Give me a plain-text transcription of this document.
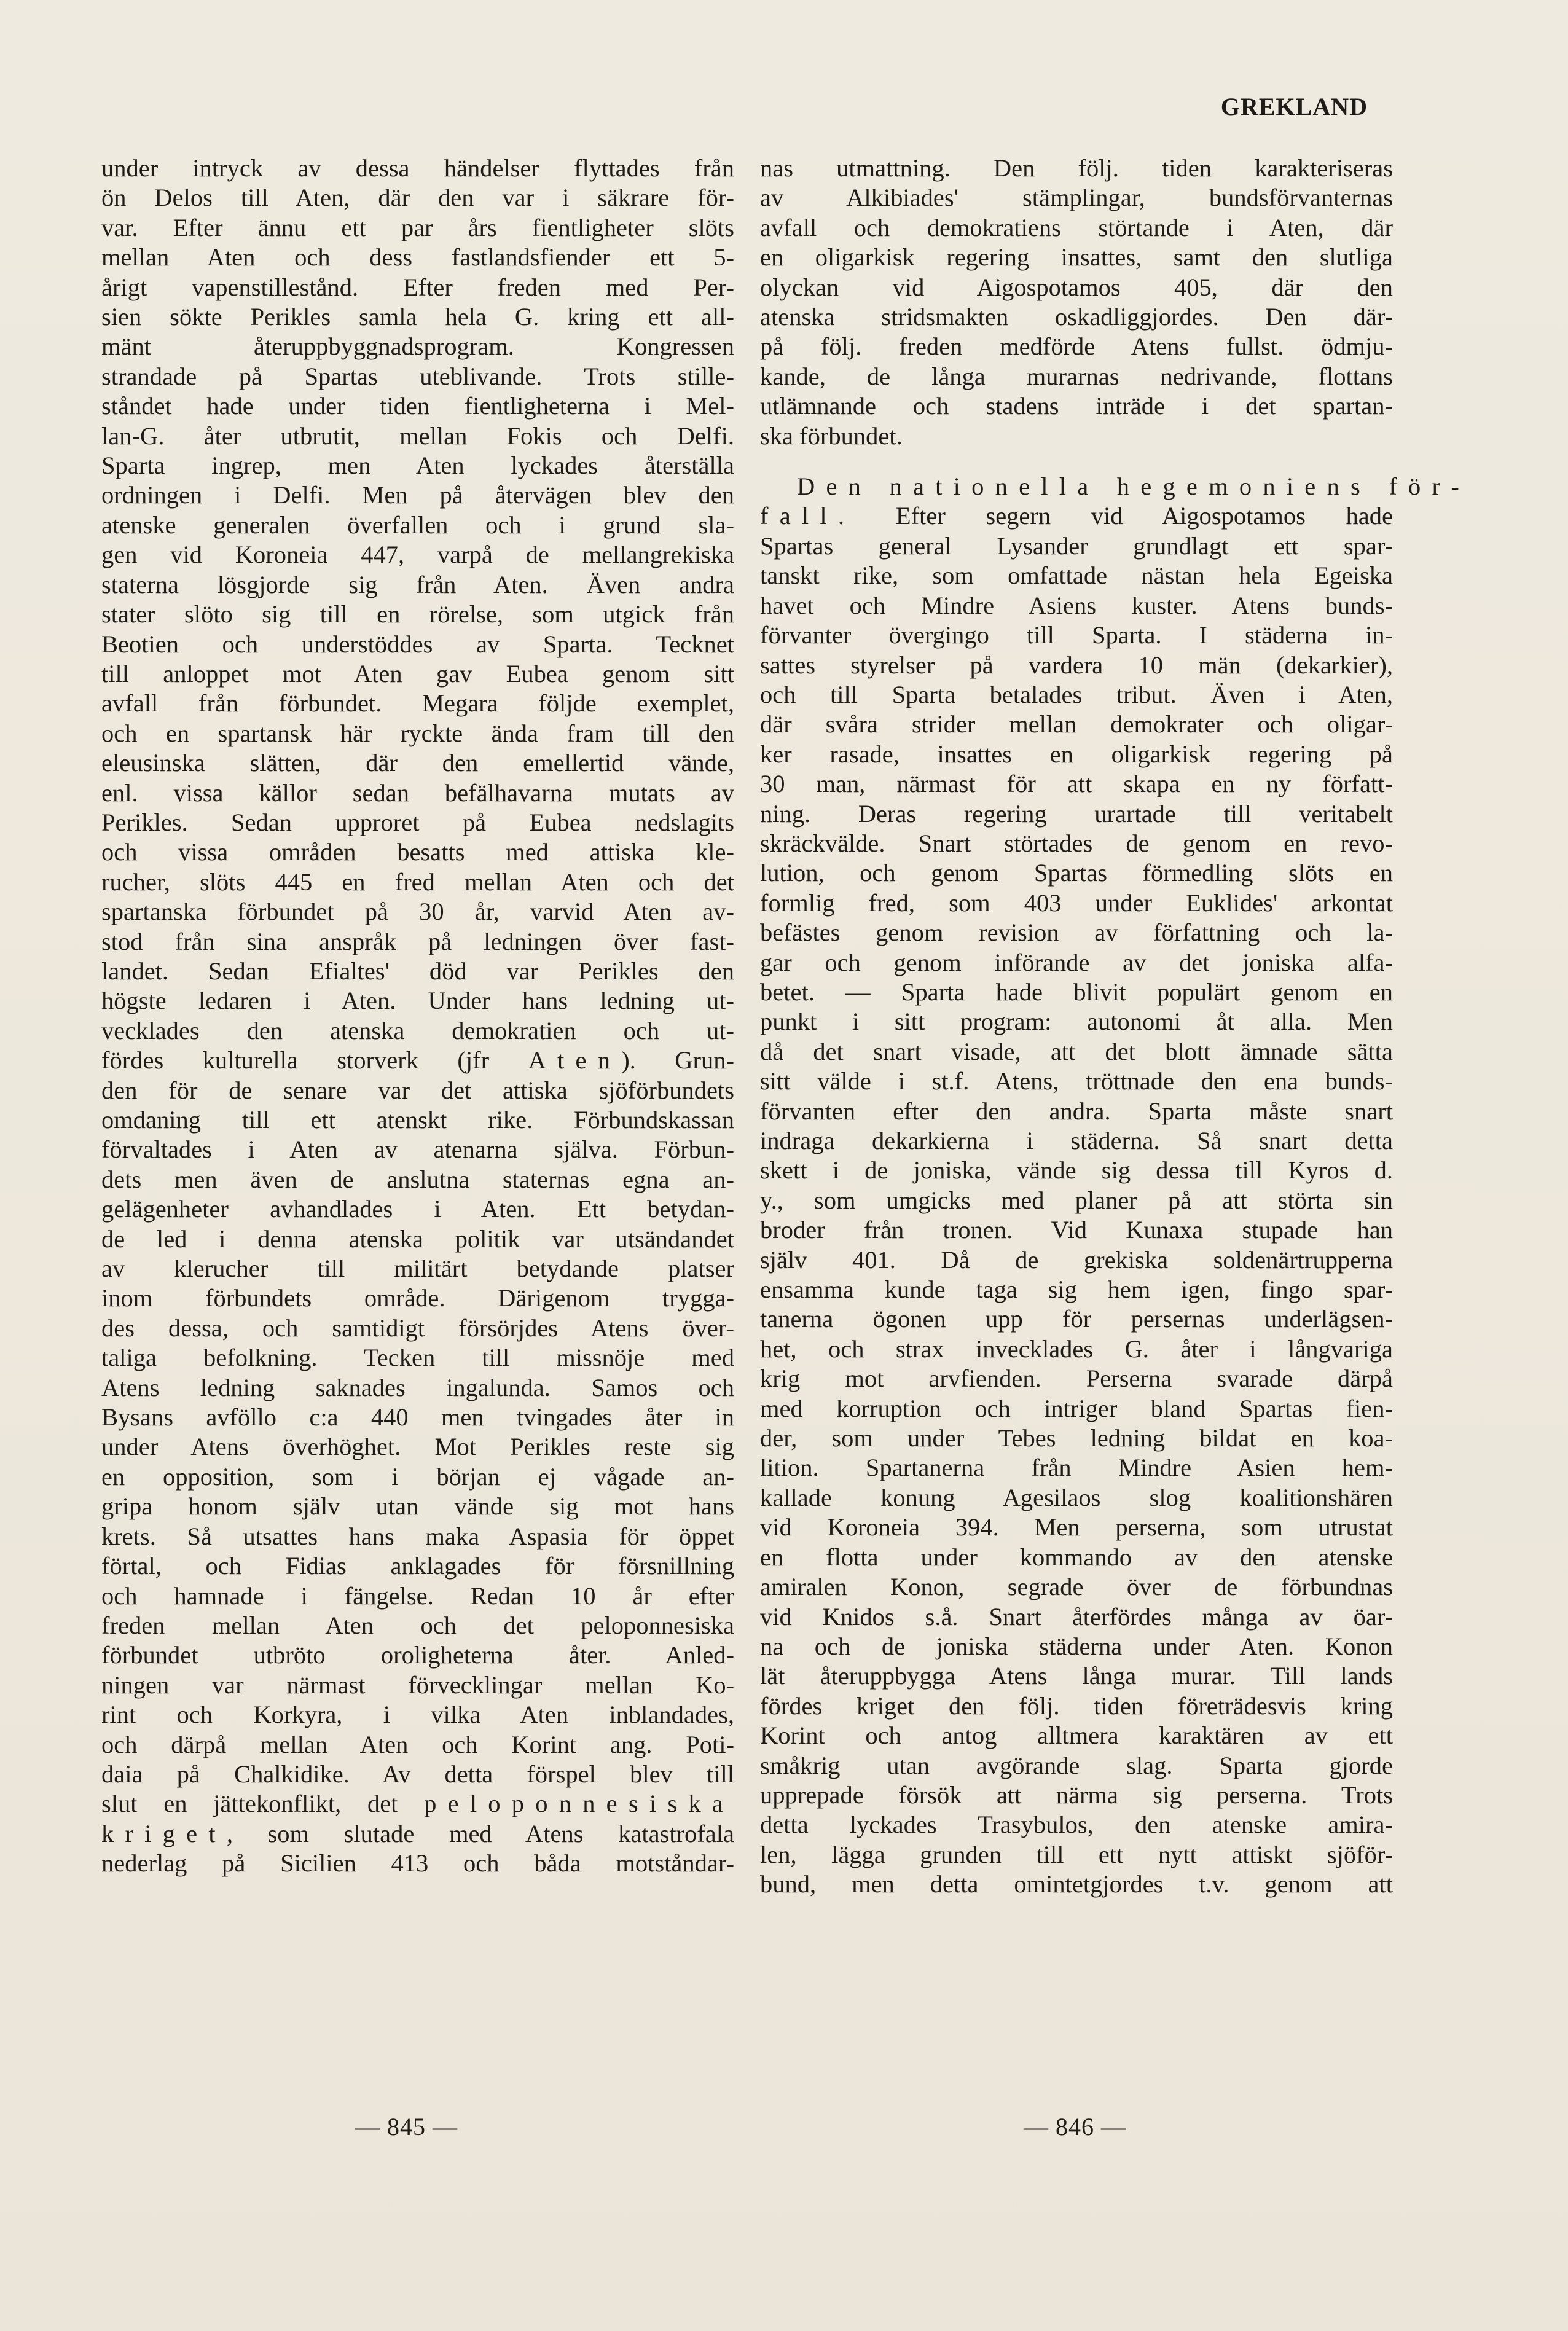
GREKLAND
under intryck av dessa händelser flyttades från
ön Delos till Aten, där den var i säkrare för-
var. Efter ännu ett par års fientligheter slöts
mellan Aten och dess fastlandsfiender ett 5-
årigt vapenstillestånd. Efter freden med Per-
sien sökte Perikles samla hela G. kring ett all-
mänt återuppbyggnadsprogram. Kongressen
strandade på Spartas uteblivande. Trots stille-
ståndet hade under tiden fientligheterna i Mel-
lan-G. åter utbrutit, mellan Fokis och Delfi.
Sparta ingrep, men Aten lyckades återställa
ordningen i Delfi. Men på återvägen blev den
atenske generalen överfallen och i grund sla-
gen vid Koroneia 447, varpå de mellangrekiska
staterna lösgjorde sig från Aten. Även andra
stater slöto sig till en rörelse, som utgick från
Beotien och understöddes av Sparta. Tecknet
till anloppet mot Aten gav Eubea genom sitt
avfall från förbundet. Megara följde exemplet,
och en spartansk här ryckte ända fram till den
eleusinska slätten, där den emellertid vände,
enl. vissa källor sedan befälhavarna mutats av
Perikles. Sedan upproret på Eubea nedslagits
och vissa områden besatts med attiska kle-
rucher, slöts 445 en fred mellan Aten och det
spartanska förbundet på 30 år, varvid Aten av-
stod från sina anspråk på ledningen över fast-
landet. Sedan Efialtes' död var Perikles den
högste ledaren i Aten. Under hans ledning ut-
vecklades den atenska demokratien och ut-
fördes kulturella storverk (jfr Aten). Grun-
den för de senare var det attiska sjöförbundets
omdaning till ett atenskt rike. Förbundskassan
förvaltades i Aten av atenarna själva. Förbun-
dets men även de anslutna staternas egna an-
gelägenheter avhandlades i Aten. Ett betydan-
de led i denna atenska politik var utsändandet
av klerucher till militärt betydande platser
inom förbundets område. Därigenom trygga-
des dessa, och samtidigt försörjdes Atens över-
taliga befolkning. Tecken till missnöje med
Atens ledning saknades ingalunda. Samos och
Bysans avföllo c:a 440 men tvingades åter in
under Atens överhöghet. Mot Perikles reste sig
en opposition, som i början ej vågade an-
gripa honom själv utan vände sig mot hans
krets. Så utsattes hans maka Aspasia för öppet
förtal, och Fidias anklagades för försnillning
och hamnade i fängelse. Redan 10 år efter
freden mellan Aten och det peloponnesiska
förbundet utbröto oroligheterna åter. Anled-
ningen var närmast förvecklingar mellan Ko-
rint och Korkyra, i vilka Aten inblandades,
och därpå mellan Aten och Korint ang. Poti-
daia på Chalkidike. Av detta förspel blev till
slut en jättekonflikt, det peloponnesiska
kriget, som slutade med Atens katastrofala
nederlag på Sicilien 413 och båda motståndar-
nas utmattning. Den följ. tiden karakteriseras
av Alkibiades' stämplingar, bundsförvanternas
avfall och demokratiens störtande i Aten, där
en oligarkisk regering insattes, samt den slutliga
olyckan vid Aigospotamos 405, där den
atenska stridsmakten oskadliggjordes. Den där-
på följ. freden medförde Atens fullst. ödmju-
kande, de långa murarnas nedrivande, flottans
utlämnande och stadens inträde i det spartan-
ska förbundet.
Den nationella hegemoniens för-
fall. Efter segern vid Aigospotamos hade
Spartas general Lysander grundlagt ett spar-
tanskt rike, som omfattade nästan hela Egeiska
havet och Mindre Asiens kuster. Atens bunds-
förvanter övergingo till Sparta. I städerna in-
sattes styrelser på vardera 10 män (dekarkier),
och till Sparta betalades tribut. Även i Aten,
där svåra strider mellan demokrater och oligar-
ker rasade, insattes en oligarkisk regering på
30 man, närmast för att skapa en ny författ-
ning. Deras regering urartade till veritabelt
skräckvälde. Snart störtades de genom en revo-
lution, och genom Spartas förmedling slöts en
formlig fred, som 403 under Euklides' arkontat
befästes genom revision av författning och la-
gar och genom införande av det joniska alfa-
betet. — Sparta hade blivit populärt genom en
punkt i sitt program: autonomi åt alla. Men
då det snart visade, att det blott ämnade sätta
sitt välde i st.f. Atens, tröttnade den ena bunds-
förvanten efter den andra. Sparta måste snart
indraga dekarkierna i städerna. Så snart detta
skett i de joniska, vände sig dessa till Kyros d.
y., som umgicks med planer på att störta sin
broder från tronen. Vid Kunaxa stupade han
själv 401. Då de grekiska soldenärtrupperna
ensamma kunde taga sig hem igen, fingo spar-
tanerna ögonen upp för persernas underlägsen-
het, och strax invecklades G. åter i långvariga
krig mot arvfienden. Perserna svarade därpå
med korruption och intriger bland Spartas fien-
der, som under Tebes ledning bildat en koa-
lition. Spartanerna från Mindre Asien hem-
kallade konung Agesilaos slog koalitionshären
vid Koroneia 394. Men perserna, som utrustat
en flotta under kommando av den atenske
amiralen Konon, segrade över de förbundnas
vid Knidos s.å. Snart återfördes många av öar-
na och de joniska städerna under Aten. Konon
lät återuppbygga Atens långa murar. Till lands
fördes kriget den följ. tiden företrädesvis kring
Korint och antog alltmera karaktären av ett
småkrig utan avgörande slag. Sparta gjorde
upprepade försök att närma sig perserna. Trots
detta lyckades Trasybulos, den atenske amira-
len, lägga grunden till ett nytt attiskt sjöför-
bund, men detta omintetgjordes t.v. genom att
— 845 —	— 846 —
